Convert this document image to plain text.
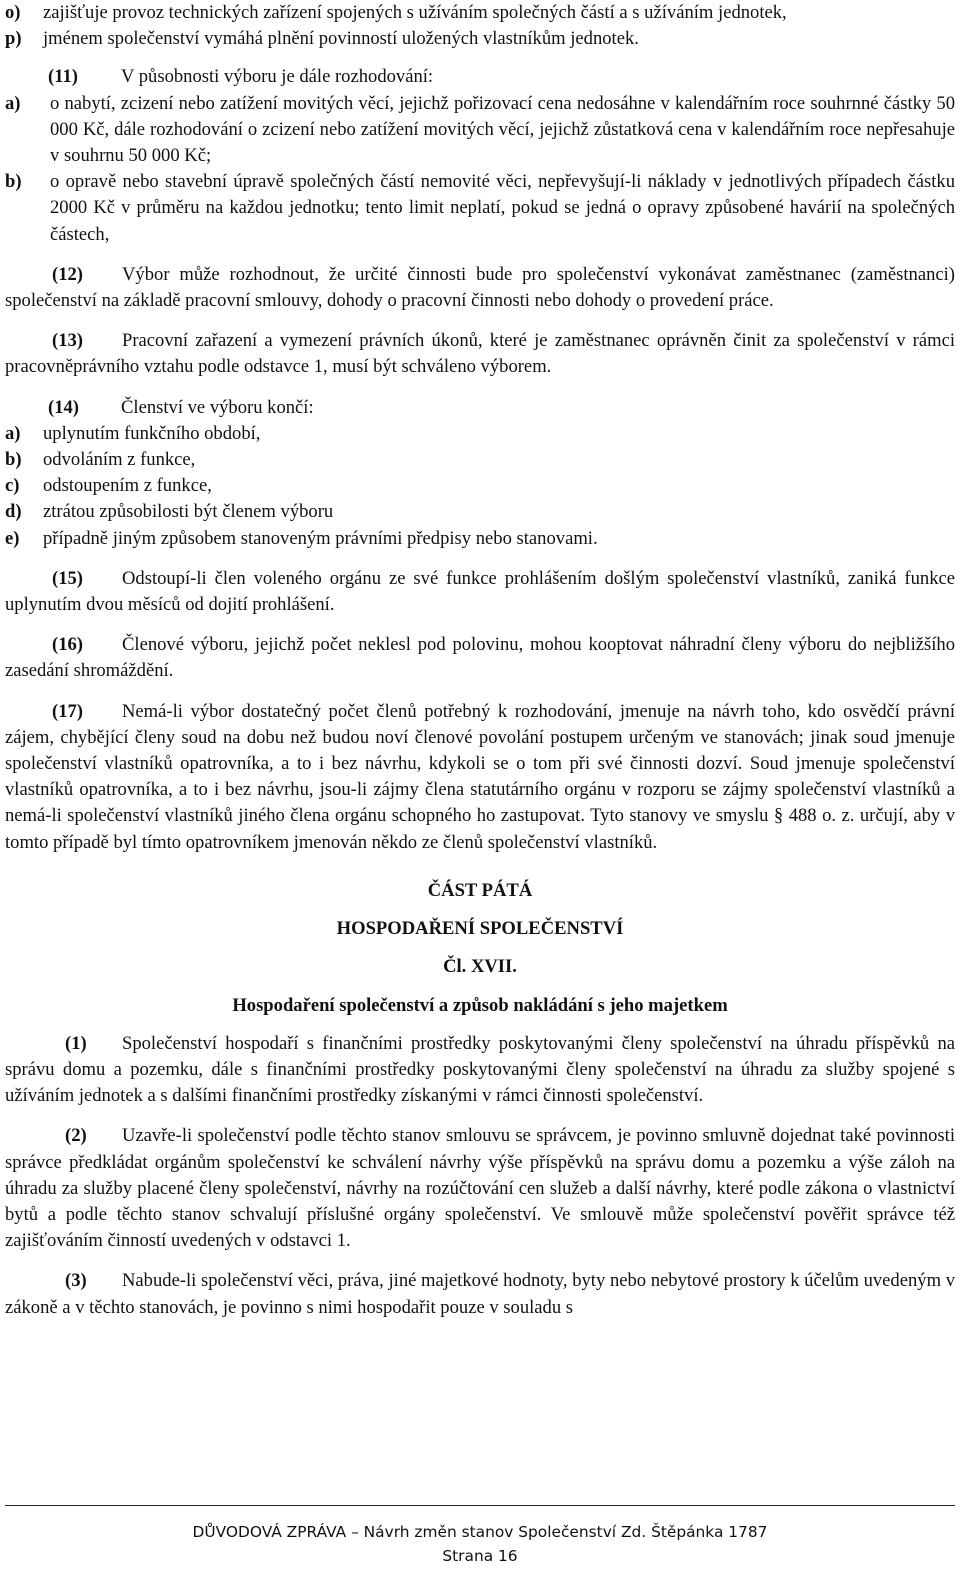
o) zajišťuje provoz technických zařízení spojených s užíváním společných částí a s užíváním jednotek,
p) jménem společenství vymáhá plnění povinností uložených vlastníkům jednotek.
(11) V působnosti výboru je dále rozhodování:
a) o nabytí, zcizení nebo zatížení movitých věcí, jejichž pořizovací cena nedosáhne v kalendářním roce souhrnné částky 50 000 Kč, dále rozhodování o zcizení nebo zatížení movitých věcí, jejichž zůstatková cena v kalendářním roce nepřesahuje v souhrnu 50 000 Kč;
b) o opravě nebo stavební úpravě společných částí nemovité věci, nepřevyšují-li náklady v jednotlivých případech částku 2000 Kč v průměru na každou jednotku; tento limit neplatí, pokud se jedná o opravy způsobené havárií na společných částech,
(12) Výbor může rozhodnout, že určité činnosti bude pro společenství vykonávat zaměstnanec (zaměstnanci) společenství na základě pracovní smlouvy, dohody o pracovní činnosti nebo dohody o provedení práce.
(13) Pracovní zařazení a vymezení právních úkonů, které je zaměstnanec oprávněn činit za společenství v rámci pracovněprávního vztahu podle odstavce 1, musí být schváleno výborem.
(14) Členství ve výboru končí:
a) uplynutím funkčního období,
b) odvoláním z funkce,
c) odstoupením z funkce,
d) ztrátou způsobilosti být členem výboru
e) případně jiným způsobem stanoveným právními předpisy nebo stanovami.
(15) Odstoupí-li člen voleného orgánu ze své funkce prohlášením došlým společenství vlastníků, zaniká funkce uplynutím dvou měsíců od dojití prohlášení.
(16) Členové výboru, jejichž počet neklesl pod polovinu, mohou kooptovat náhradní členy výboru do nejbližšího zasedání shromáždění.
(17) Nemá-li výbor dostatečný počet členů potřebný k rozhodování, jmenuje na návrh toho, kdo osvědčí právní zájem, chybějící členy soud na dobu než budou noví členové povolání postupem určeným ve stanovách; jinak soud jmenuje společenství vlastníků opatrovníka, a to i bez návrhu, kdykoli se o tom při své činnosti dozví. Soud jmenuje společenství vlastníků opatrovníka, a to i bez návrhu, jsou-li zájmy člena statutárního orgánu v rozporu se zájmy společenství vlastníků a nemá-li společenství vlastníků jiného člena orgánu schopného ho zastupovat. Tyto stanovy ve smyslu § 488 o. z. určují, aby v tomto případě byl tímto opatrovníkem jmenován někdo ze členů společenství vlastníků.
ČÁST PÁTÁ
HOSPODAŘENÍ SPOLEČENSTVÍ
Čl. XVII.
Hospodaření společenství a způsob nakládání s jeho majetkem
(1) Společenství hospodaří s finančními prostředky poskytovanými členy společenství na úhradu příspěvků na správu domu a pozemku, dále s finančními prostředky poskytovanými členy společenství na úhradu za služby spojené s užíváním jednotek a s dalšími finančními prostředky získanými v rámci činnosti společenství.
(2) Uzavře-li společenství podle těchto stanov smlouvu se správcem, je povinno smluvně dojednat také povinnosti správce předkládat orgánům společenství ke schválení návrhy výše příspěvků na správu domu a pozemku a výše záloh na úhradu za služby placené členy společenství, návrhy na rozúčtování cen služeb a další návrhy, které podle zákona o vlastnictví bytů a podle těchto stanov schvalují příslušné orgány společenství. Ve smlouvě může společenství pověřit správce též zajišťováním činností uvedených v odstavci 1.
(3) Nabude-li společenství věci, práva, jiné majetkové hodnoty, byty nebo nebytové prostory k účelům uvedeným v zákoně a v těchto stanovách, je povinno s nimi hospodařit pouze v souladu s
DŮVODOVÁ ZPRÁVA – Návrh změn stanov Společenství Zd. Štěpánka 1787
Strana 16
